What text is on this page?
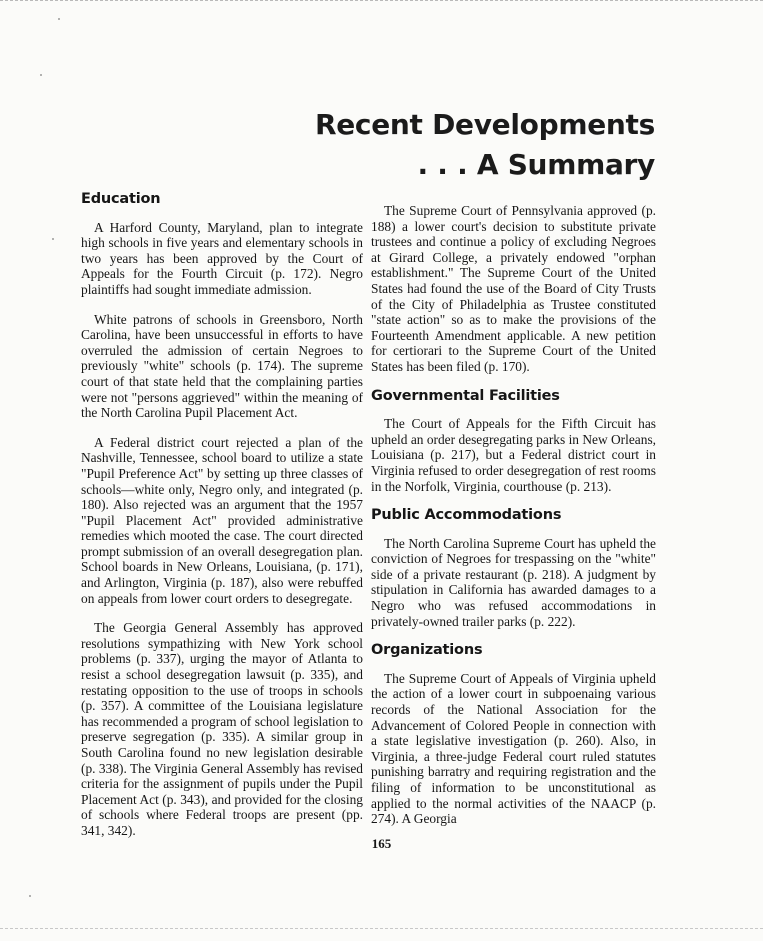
Recent Developments
. . . A Summary
Education

A Harford County, Maryland, plan to integrate high schools in five years and elementary schools in two years has been approved by the Court of Appeals for the Fourth Circuit (p. 172). Negro plaintiffs had sought immediate admission.

White patrons of schools in Greensboro, North Carolina, have been unsuccessful in efforts to have overruled the admission of certain Negroes to previously "white" schools (p. 174). The supreme court of that state held that the complaining parties were not "persons aggrieved" within the meaning of the North Carolina Pupil Placement Act.

A Federal district court rejected a plan of the Nashville, Tennessee, school board to utilize a state "Pupil Preference Act" by setting up three classes of schools—white only, Negro only, and integrated (p. 180). Also rejected was an argument that the 1957 "Pupil Placement Act" provided administrative remedies which mooted the case. The court directed prompt submission of an overall desegregation plan. School boards in New Orleans, Louisiana, (p. 171), and Arlington, Virginia (p. 187), also were rebuffed on appeals from lower court orders to desegregate.

The Georgia General Assembly has approved resolutions sympathizing with New York school problems (p. 337), urging the mayor of Atlanta to resist a school desegregation lawsuit (p. 335), and restating opposition to the use of troops in schools (p. 357). A committee of the Louisiana legislature has recommended a program of school legislation to preserve segregation (p. 335). A similar group in South Carolina found no new legislation desirable (p. 338). The Virginia General Assembly has revised criteria for the assignment of pupils under the Pupil Placement Act (p. 343), and provided for the closing of schools where Federal troops are present (pp. 341, 342).

The Supreme Court of Pennsylvania approved (p. 188) a lower court's decision to substitute private trustees and continue a policy of excluding Negroes at Girard College, a privately endowed "orphan establishment." The Supreme Court of the United States had found the use of the Board of City Trusts of the City of Philadelphia as Trustee constituted "state action" so as to make the provisions of the Fourteenth Amendment applicable. A new petition for certiorari to the Supreme Court of the United States has been filed (p. 170).

Governmental Facilities

The Court of Appeals for the Fifth Circuit has upheld an order desegregating parks in New Orleans, Louisiana (p. 217), but a Federal district court in Virginia refused to order desegregation of rest rooms in the Norfolk, Virginia, courthouse (p. 213).

Public Accommodations

The North Carolina Supreme Court has upheld the conviction of Negroes for trespassing on the "white" side of a private restaurant (p. 218). A judgment by stipulation in California has awarded damages to a Negro who was refused accommodations in privately-owned trailer parks (p. 222).

Organizations

The Supreme Court of Appeals of Virginia upheld the action of a lower court in subpoenaing various records of the National Association for the Advancement of Colored People in connection with a state legislative investigation (p. 260). Also, in Virginia, a three-judge Federal court ruled statutes punishing barratry and requiring registration and the filing of information to be unconstitutional as applied to the normal activities of the NAACP (p. 274). A Georgia

165
